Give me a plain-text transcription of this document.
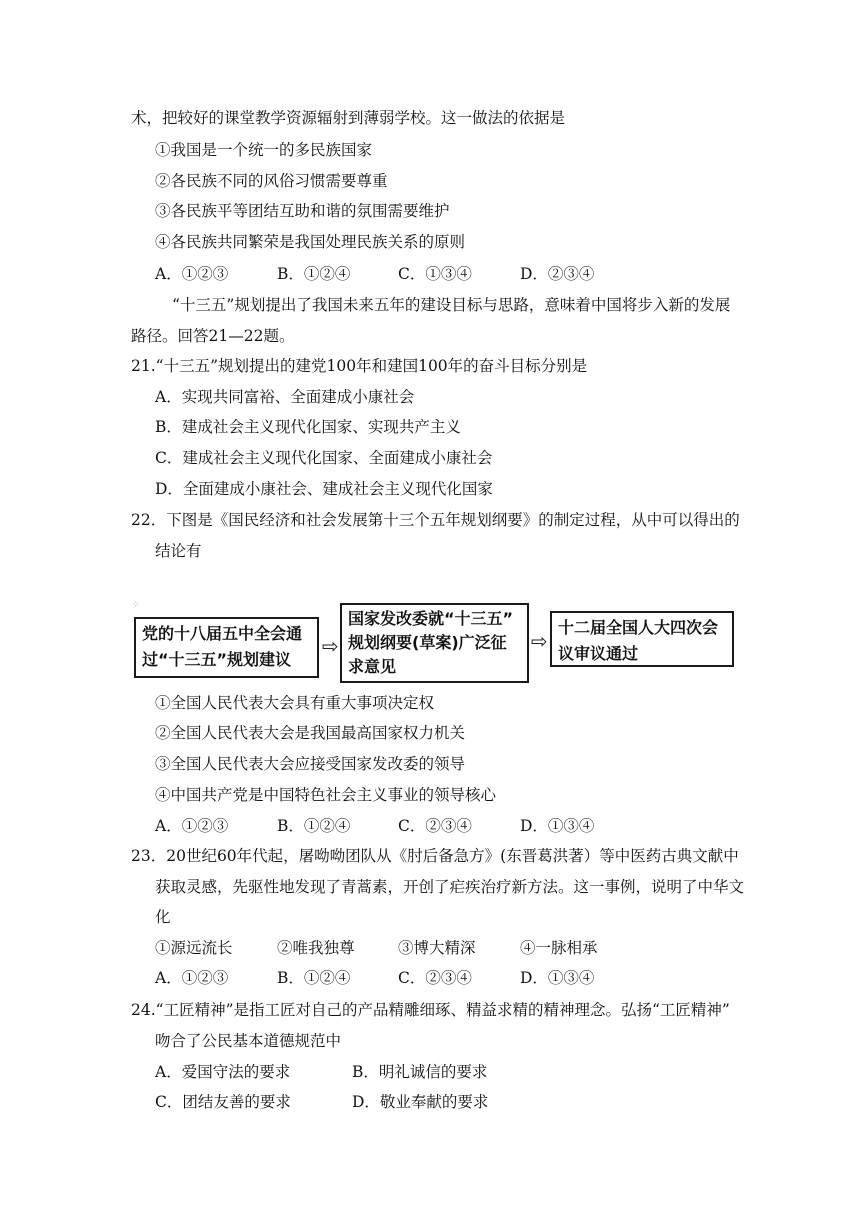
术，把较好的课堂教学资源辐射到薄弱学校。这一做法的依据是
①我国是一个统一的多民族国家
②各民族不同的风俗习惯需要尊重
③各民族平等团结互助和谐的氛围需要维护
④各民族共同繁荣是我国处理民族关系的原则
A．①②③	B．①②④	C．①③④	D．②③④
“十三五”规划提出了我国未来五年的建设目标与思路，意味着中国将步入新的发展
路径。回答21—22题。
21.“十三五”规划提出的建党100年和建国100年的奋斗目标分别是
A．实现共同富裕、全面建成小康社会
B．建成社会主义现代化国家、实现共产主义
C．建成社会主义现代化国家、全面建成小康社会
D．全面建成小康社会、建成社会主义现代化国家
22．下图是《国民经济和社会发展第十三个五年规划纲要》的制定过程，从中可以得出的
结论有
⁘
党的十八届五中全会通
过“十三五”规划建议
⇨
国家发改委就“十三五”
规划纲要(草案)广泛征
求意见
⇨
十二届全国人大四次会
议审议通过
①全国人民代表大会具有重大事项决定权
②全国人民代表大会是我国最高国家权力机关
③全国人民代表大会应接受国家发改委的领导
④中国共产党是中国特色社会主义事业的领导核心
A．①②③	B．①②④	C．②③④	D．①③④
23．20世纪60年代起，屠呦呦团队从《肘后备急方》(东晋葛洪著）等中医药古典文献中
获取灵感，先驱性地发现了青蒿素，开创了疟疾治疗新方法。这一事例，说明了中华文
化
①源远流长	②唯我独尊	③博大精深	④一脉相承
A．①②③	B．①②④	C．②③④	D．①③④
24.“工匠精神”是指工匠对自己的产品精雕细琢、精益求精的精神理念。弘扬“工匠精神”
吻合了公民基本道德规范中
A．爱国守法的要求	B．明礼诚信的要求
C．团结友善的要求	D．敬业奉献的要求
